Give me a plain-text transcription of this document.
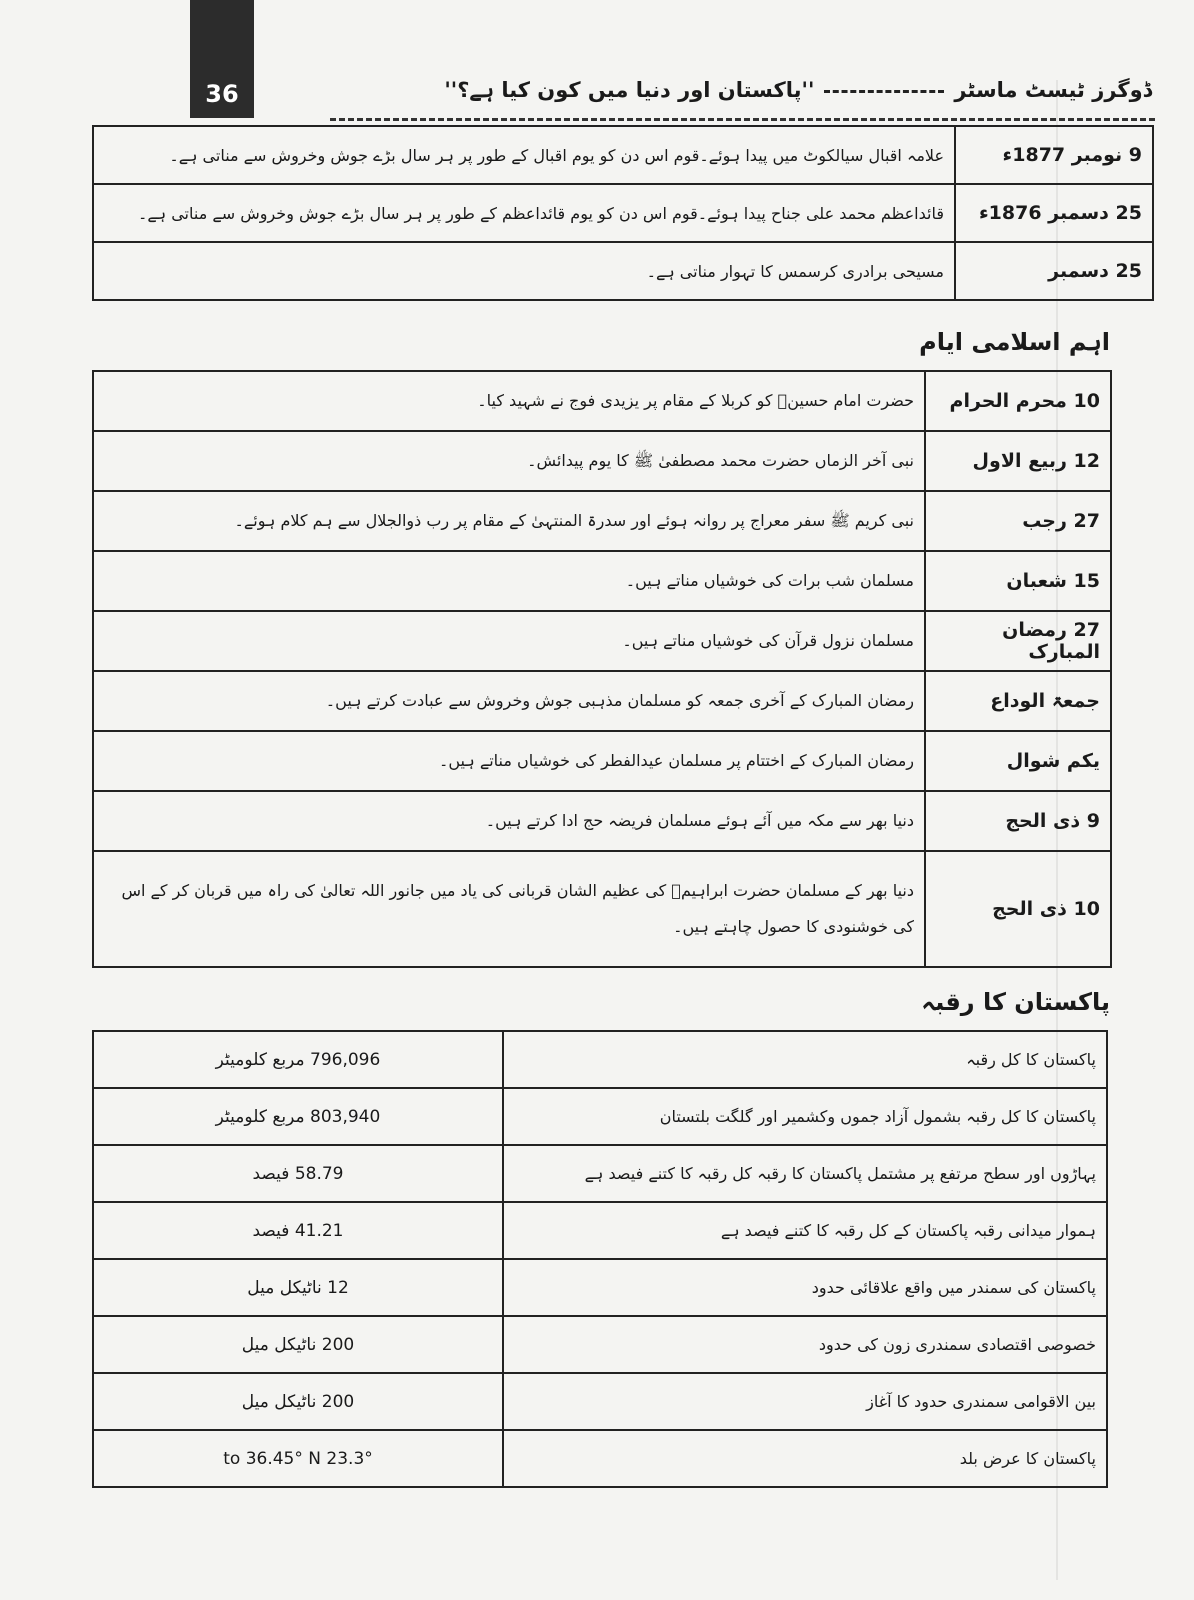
36	ڈوگرز ٹیسٹ ماسٹر''پاکستان اور دنیا میں کون کیا ہے؟''
9 نومبر 1877ء	علامہ اقبال سیالکوٹ میں پیدا ہوئے۔قوم اس دن کو یوم اقبال کے طور پر ہر سال بڑے جوش وخروش سے مناتی ہے۔
25 دسمبر 1876ء	قائداعظم محمد علی جناح پیدا ہوئے۔قوم اس دن کو یوم قائداعظم کے طور پر ہر سال بڑے جوش وخروش سے مناتی ہے۔
25 دسمبر	مسیحی برادری کرسمس کا تہوار مناتی ہے۔
اہم اسلامی ایام
10 محرم الحرام	حضرت امام حسینؓ کو کربلا کے مقام پر یزیدی فوج نے شہید کیا۔
12 ربیع الاول	نبی آخر الزماں حضرت محمد مصطفیٰ ﷺ کا یوم پیدائش۔
27 رجب	نبی کریم ﷺ سفر معراج پر روانہ ہوئے اور سدرۃ المنتہیٰ کے مقام پر رب ذوالجلال سے ہم کلام ہوئے۔
15 شعبان	مسلمان شب برات کی خوشیاں مناتے ہیں۔
27 رمضان المبارک	مسلمان نزول قرآن کی خوشیاں مناتے ہیں۔
جمعۃ الوداع	رمضان المبارک کے آخری جمعہ کو مسلمان مذہبی جوش وخروش سے عبادت کرتے ہیں۔
یکم شوال	رمضان المبارک کے اختتام پر مسلمان عیدالفطر کی خوشیاں مناتے ہیں۔
9 ذی الحج	دنیا بھر سے مکہ میں آئے ہوئے مسلمان فریضہ حج ادا کرتے ہیں۔
10 ذی الحج	دنیا بھر کے مسلمان حضرت ابراہیمؑ کی عظیم الشان قربانی کی یاد میں جانور اللہ تعالیٰ کی راہ میں قربان کر کے اس کی خوشنودی کا حصول چاہتے ہیں۔
پاکستان کا رقبہ
پاکستان کا کل رقبہ	796,096 مربع کلومیٹر
پاکستان کا کل رقبہ بشمول آزاد جموں وکشمیر اور گلگت بلتستان	803,940 مربع کلومیٹر
پہاڑوں اور سطح مرتفع پر مشتمل پاکستان کا رقبہ کل رقبہ کا کتنے فیصد ہے	58.79 فیصد
ہموار میدانی رقبہ پاکستان کے کل رقبہ کا کتنے فیصد ہے	41.21 فیصد
پاکستان کی سمندر میں واقع علاقائی حدود	12 ناٹیکل میل
خصوصی اقتصادی سمندری زون کی حدود	200 ناٹیکل میل
بین الاقوامی سمندری حدود کا آغاز	200 ناٹیکل میل
پاکستان کا عرض بلد	23.3° to 36.45° N
